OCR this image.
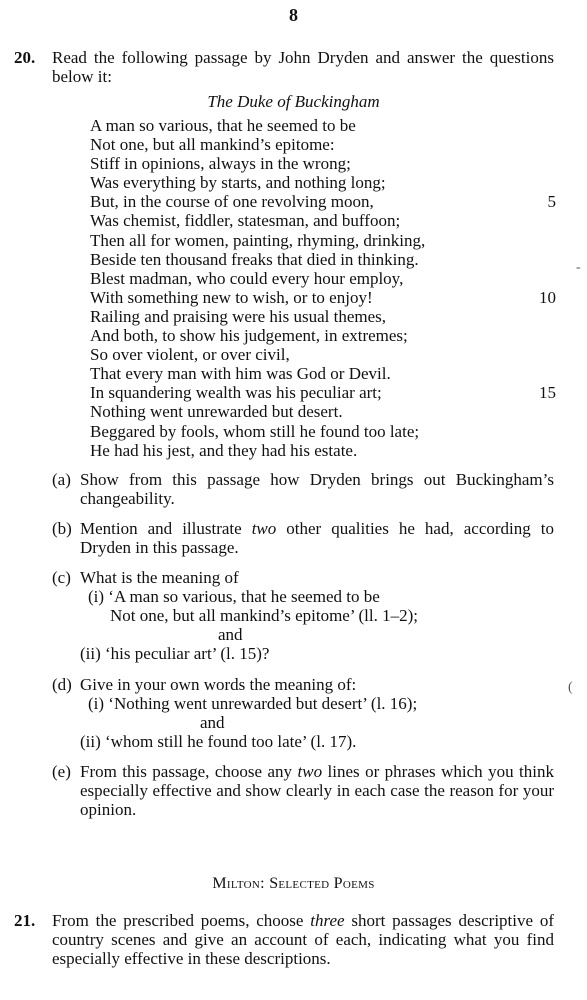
8
20. Read the following passage by John Dryden and answer the questions below it:
The Duke of Buckingham
A man so various, that he seemed to be
Not one, but all mankind’s epitome:
Stiff in opinions, always in the wrong;
Was everything by starts, and nothing long;
But, in the course of one revolving moon,	5
Was chemist, fiddler, statesman, and buffoon;
Then all for women, painting, rhyming, drinking,
Beside ten thousand freaks that died in thinking.
Blest madman, who could every hour employ,
With something new to wish, or to enjoy!	10
Railing and praising were his usual themes,
And both, to show his judgement, in extremes;
So over violent, or over civil,
That every man with him was God or Devil.
In squandering wealth was his peculiar art;	15
Nothing went unrewarded but desert.
Beggared by fools, whom still he found too late;
He had his jest, and they had his estate.
-
(a) Show from this passage how Dryden brings out Buckingham’s changeability.
(b) Mention and illustrate two other qualities he had, according to Dryden in this passage.
(c) What is the meaning of
(i) ‘A man so various, that he seemed to be
Not one, but all mankind’s epitome’ (ll. 1–2);
and
(ii) ‘his peculiar art’ (l. 15)?
(d) Give in your own words the meaning of:
(i) ‘Nothing went unrewarded but desert’ (l. 16);
and
(ii) ‘whom still he found too late’ (l. 17).
(
(e) From this passage, choose any two lines or phrases which you think especially effective and show clearly in each case the reason for your opinion.
Milton: Selected Poems
21. From the prescribed poems, choose three short passages descriptive of country scenes and give an account of each, indicating what you find especially effective in these descriptions.
